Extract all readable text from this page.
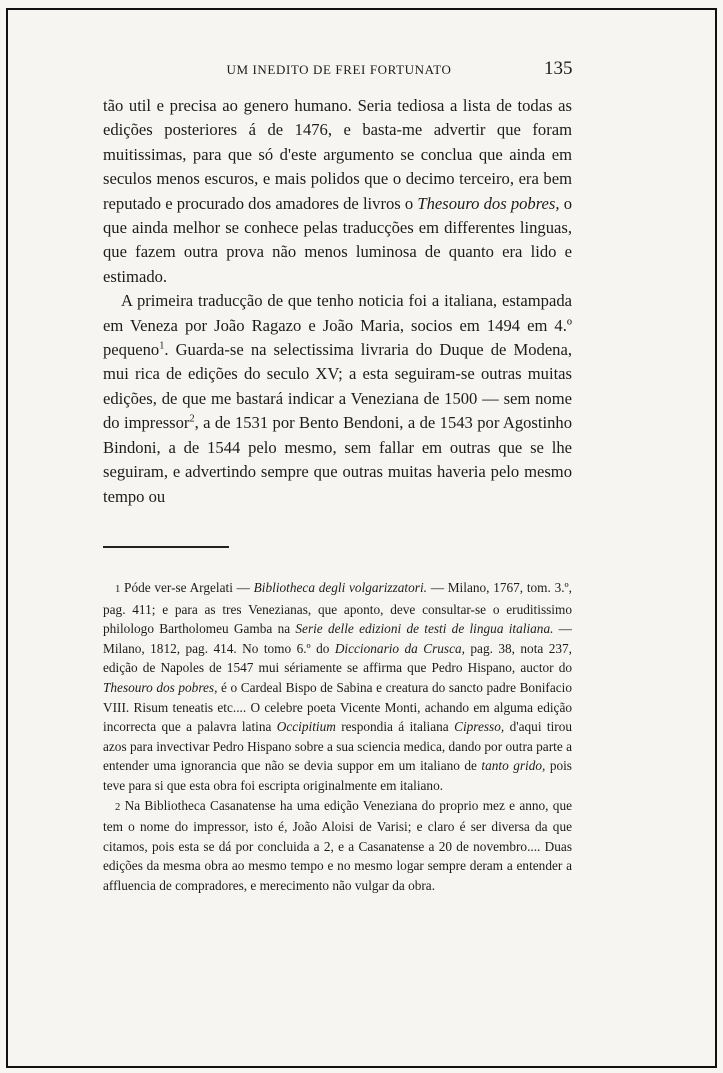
UM INEDITO DE FREI FORTUNATO	135

tão util e precisa ao genero humano. Seria tediosa a lista de todas as edições posteriores á de 1476, e basta-me advertir que foram muitissimas, para que só d'este argumento se conclua que ainda em seculos menos escuros, e mais polidos que o decimo terceiro, era bem reputado e procurado dos amadores de livros o Thesouro dos pobres, o que ainda melhor se conhece pelas traducções em differentes linguas, que fazem outra prova não menos luminosa de quanto era lido e estimado.

A primeira traducção de que tenho noticia foi a italiana, estampada em Veneza por João Ragazo e João Maria, socios em 1494 em 4.º pequeno$^1$. Guarda-se na selectissima livraria do Duque de Modena, mui rica de edições do seculo XV; a esta seguiram-se outras muitas edições, de que me bastará indicar a Veneziana de 1500 — sem nome do impressor$^2$, a de 1531 por Bento Bendoni, a de 1543 por Agostinho Bindoni, a de 1544 pelo mesmo, sem fallar em outras que se lhe seguiram, e advertindo sempre que outras muitas haveria pelo mesmo tempo ou

1 Póde ver-se Argelati — Bibliotheca degli volgarizzatori. — Milano, 1767, tom. 3.º, pag. 411; e para as tres Venezianas, que aponto, deve consultar-se o eruditissimo philologo Bartholomeu Gamba na Serie delle edizioni de testi de lingua italiana. — Milano, 1812, pag. 414. No tomo 6.º do Diccionario da Crusca, pag. 38, nota 237, edição de Napoles de 1547 mui sériamente se affirma que Pedro Hispano, auctor do Thesouro dos pobres, é o Cardeal Bispo de Sabina e creatura do sancto padre Bonifacio VIII. Risum teneatis etc.... O celebre poeta Vicente Monti, achando em alguma edição incorrecta que a palavra latina Occipitium respondia á italiana Cipresso, d'aqui tirou azos para invectivar Pedro Hispano sobre a sua sciencia medica, dando por outra parte a entender uma ignorancia que não se devia suppor em um italiano de tanto grido, pois teve para si que esta obra foi escripta originalmente em italiano.

2 Na Bibliotheca Casanatense ha uma edição Veneziana do proprio mez e anno, que tem o nome do impressor, isto é, João Aloisi de Varisi; e claro é ser diversa da que citamos, pois esta se dá por concluida a 2, e a Casanatense a 20 de novembro.... Duas edições da mesma obra ao mesmo tempo e no mesmo logar sempre deram a entender a affluencia de compradores, e merecimento não vulgar da obra.
